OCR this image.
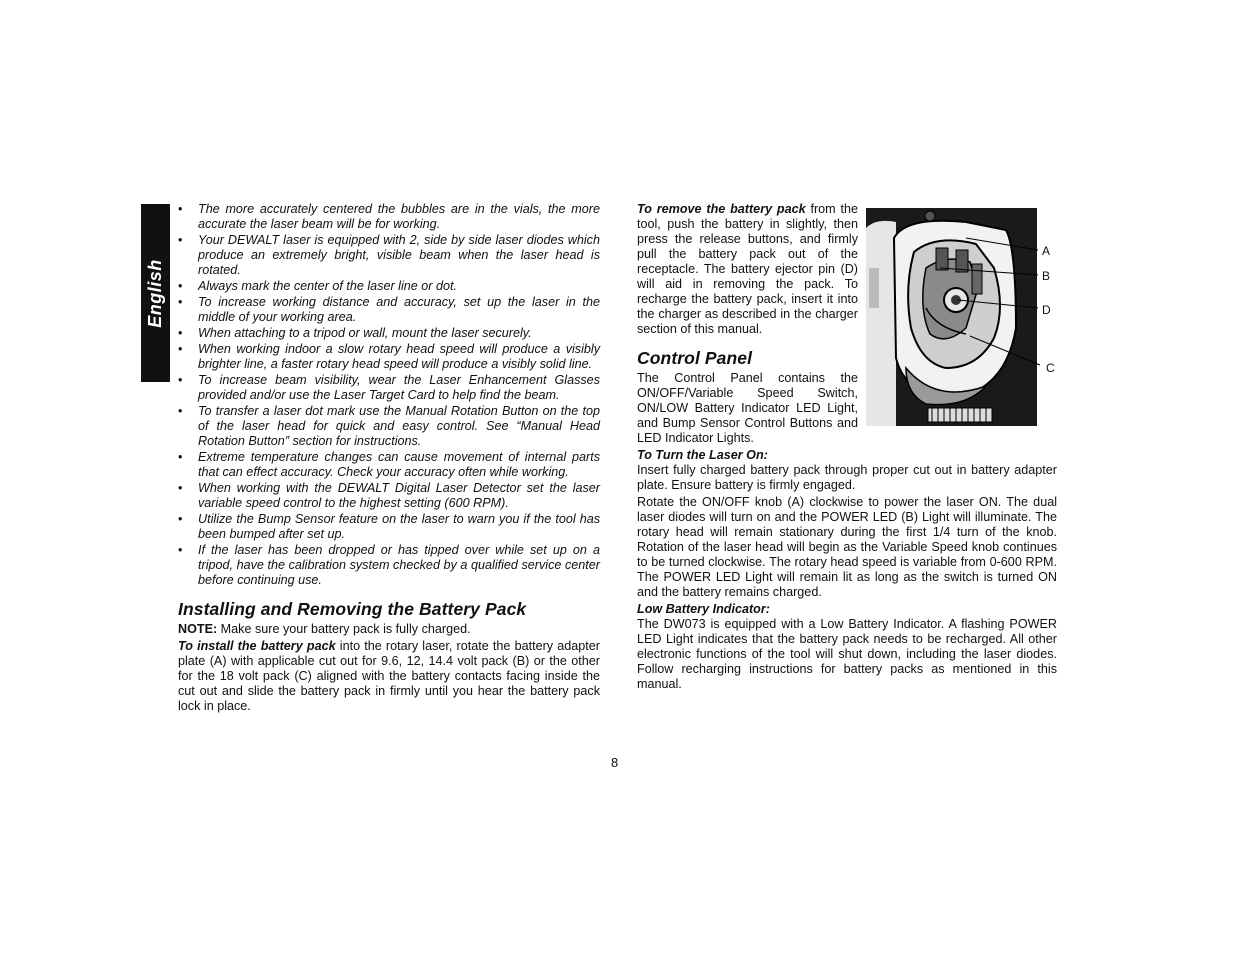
English
• The more accurately centered the bubbles are in the vials, the more accurate the laser beam will be for working.
• Your DEWALT laser is equipped with 2, side by side laser diodes which produce an extremely bright, visible beam when the laser head is rotated.
• Always mark the center of the laser line or dot.
• To increase working distance and accuracy, set up the laser in the middle of your working area.
• When attaching to a tripod or wall, mount the laser securely.
• When working indoor a slow rotary head speed will produce a visibly brighter line, a faster rotary head speed will produce a visibly solid line.
• To increase beam visibility, wear the Laser Enhancement Glasses provided and/or use the Laser Target Card to help find the beam.
• To transfer a laser dot mark use the Manual Rotation Button on the top of the laser head for quick and easy control. See “Manual Head Rotation Button” section for instructions.
• Extreme temperature changes can cause movement of internal parts that can effect accuracy. Check your accuracy often while working.
• When working with the DEWALT Digital Laser Detector set the laser variable speed control to the highest setting (600 RPM).
• Utilize the Bump Sensor feature on the laser to warn you if the tool has been bumped after set up.
• If the laser has been dropped or has tipped over while set up on a tripod, have the calibration system checked by a qualified service center before continuing use.
Installing and Removing the Battery Pack

NOTE: Make sure your battery pack is fully charged.

To install the battery pack into the rotary laser, rotate the battery adapter plate (A) with applicable cut out for 9.6, 12, 14.4 volt pack (B) or the other for the 18 volt pack (C) aligned with the battery contacts facing inside the cut out and slide the battery pack in firmly until you hear the battery pack lock in place.

To remove the battery pack from the tool, push the battery in slightly, then press the release buttons, and firmly pull the battery pack out of the receptacle. The battery ejector pin (D) will aid in removing the pack. To recharge the battery pack, insert it into the charger as described in the charger section of this manual.

Control Panel

The Control Panel contains the ON/OFF/Variable Speed Switch, ON/LOW Battery Indicator LED Light, and Bump Sensor Control Buttons and LED Indicator Lights.

To Turn the Laser On:

Insert fully charged battery pack through proper cut out in battery adapter plate. Ensure battery is firmly engaged.

Rotate the ON/OFF knob (A) clockwise to power the laser ON. The dual laser diodes will turn on and the POWER LED (B) Light will illuminate. The rotary head will remain stationary during the first 1/4 turn of the knob. Rotation of the laser head will begin as the Variable Speed knob continues to be turned clockwise. The rotary head speed is variable from 0-600 RPM. The POWER LED Light will remain lit as long as the switch is turned ON and the battery remains charged.

Low Battery Indicator:

The DW073 is equipped with a Low Battery Indicator. A flashing POWER LED Light indicates that the battery pack needs to be recharged. All other electronic functions of the tool will shut down, including the laser diodes. Follow recharging instructions for battery packs as mentioned in this manual.

A
B
D
C
8
